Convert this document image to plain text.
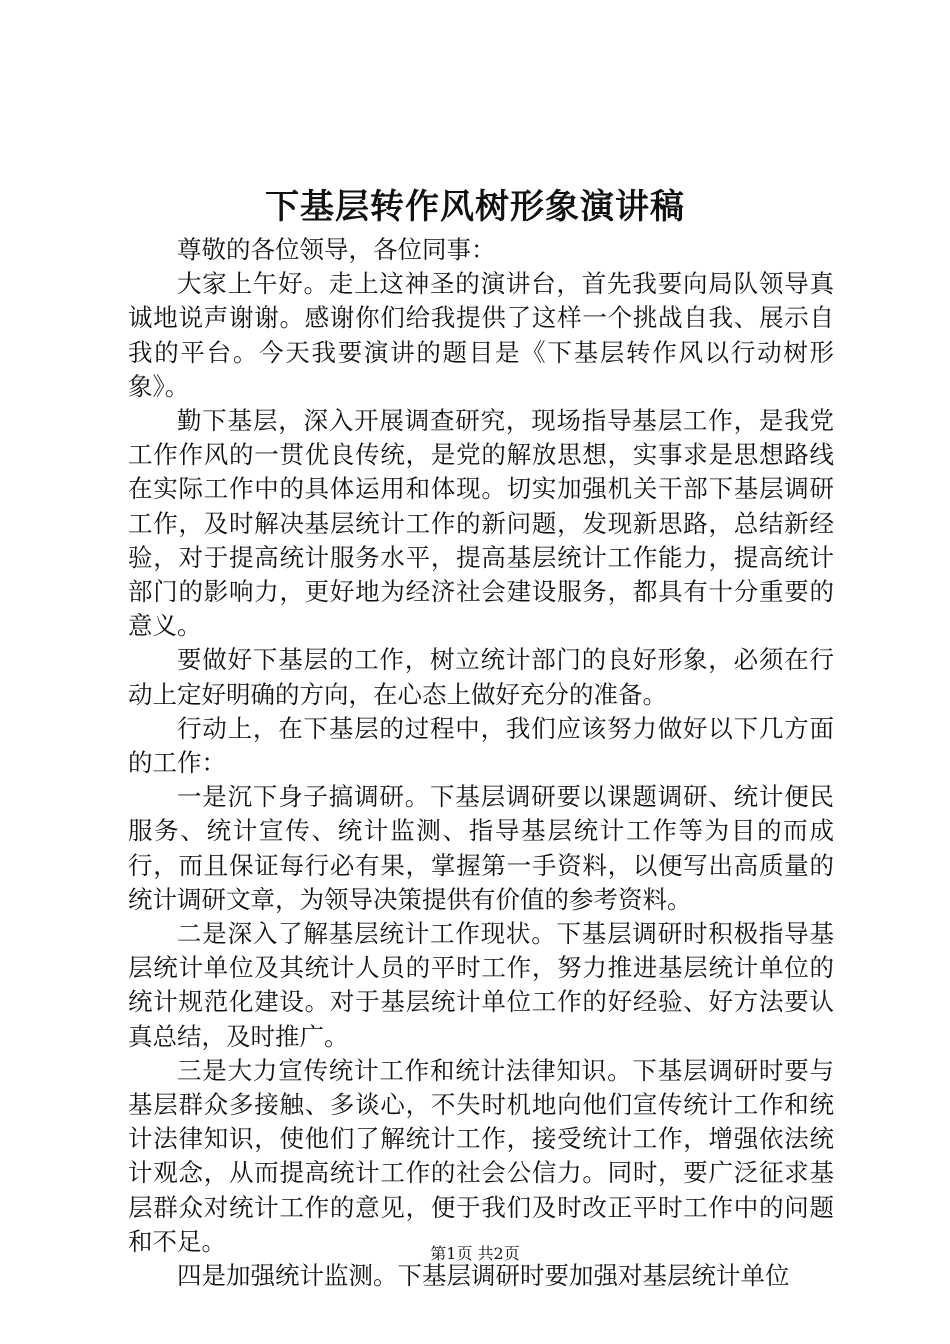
下基层转作风树形象演讲稿

尊敬的各位领导，各位同事：

大家上午好。走上这神圣的演讲台，首先我要向局队领导真诚地说声谢谢。感谢你们给我提供了这样一个挑战自我、展示自我的平台。今天我要演讲的题目是《下基层转作风以行动树形象》。

勤下基层，深入开展调查研究，现场指导基层工作，是我党工作作风的一贯优良传统，是党的解放思想，实事求是思想路线在实际工作中的具体运用和体现。切实加强机关干部下基层调研工作，及时解决基层统计工作的新问题，发现新思路，总结新经验，对于提高统计服务水平，提高基层统计工作能力，提高统计部门的影响力，更好地为经济社会建设服务，都具有十分重要的意义。

要做好下基层的工作，树立统计部门的良好形象，必须在行动上定好明确的方向，在心态上做好充分的准备。

行动上，在下基层的过程中，我们应该努力做好以下几方面的工作：

一是沉下身子搞调研。下基层调研要以课题调研、统计便民服务、统计宣传、统计监测、指导基层统计工作等为目的而成行，而且保证每行必有果，掌握第一手资料，以便写出高质量的统计调研文章，为领导决策提供有价值的参考资料。

二是深入了解基层统计工作现状。下基层调研时积极指导基层统计单位及其统计人员的平时工作，努力推进基层统计单位的统计规范化建设。对于基层统计单位工作的好经验、好方法要认真总结，及时推广。

三是大力宣传统计工作和统计法律知识。下基层调研时要与基层群众多接触、多谈心，不失时机地向他们宣传统计工作和统计法律知识，使他们了解统计工作，接受统计工作，增强依法统计观念，从而提高统计工作的社会公信力。同时，要广泛征求基层群众对统计工作的意见，便于我们及时改正平时工作中的问题和不足。

四是加强统计监测。下基层调研时要加强对基层统计单位

第1页 共2页
